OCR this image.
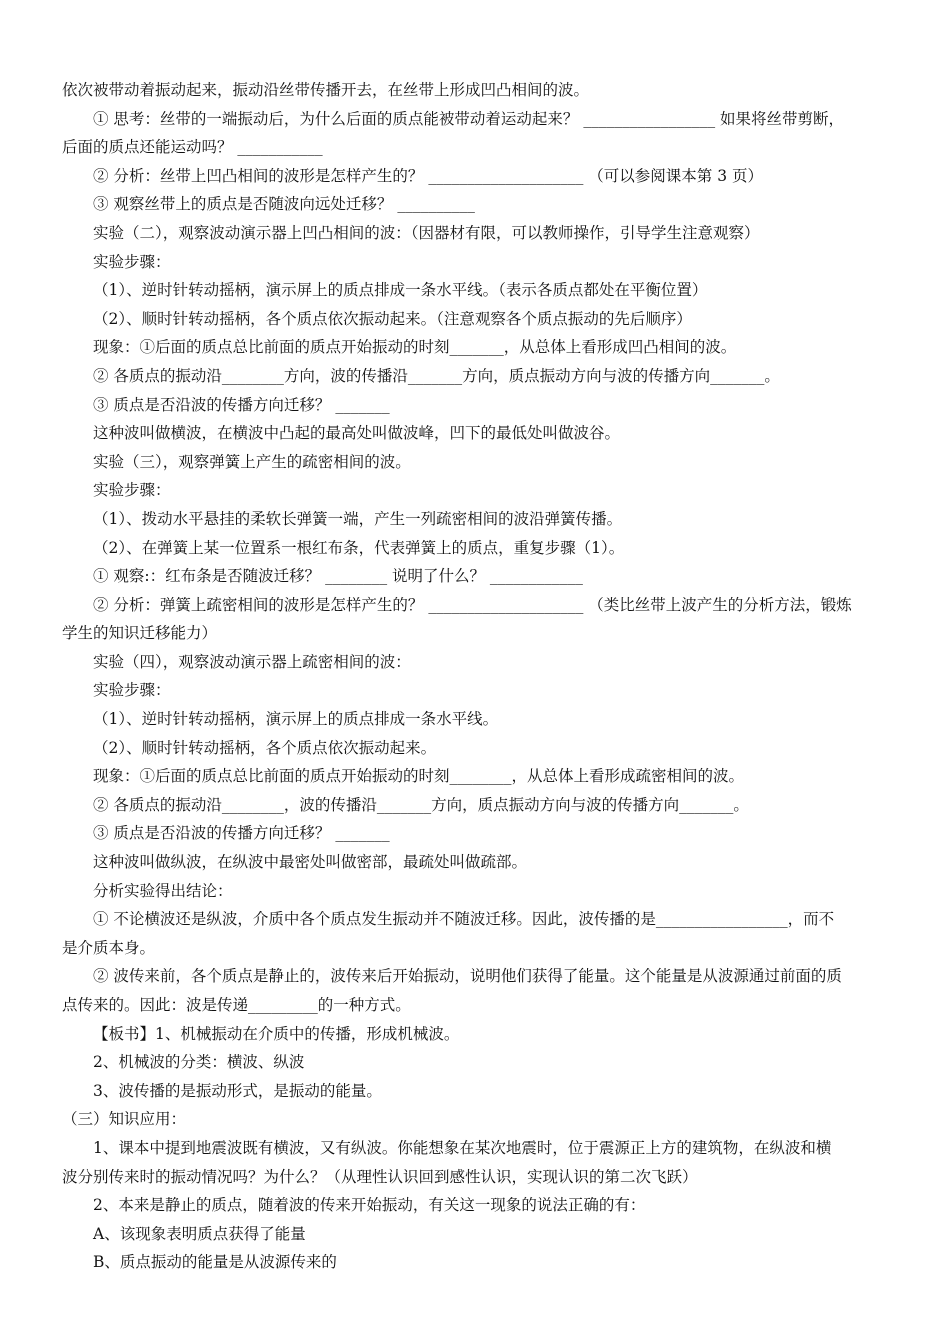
依次被带动着振动起来，振动沿丝带传播开去，在丝带上形成凹凸相间的波。
① 思考：丝带的一端振动后，为什么后面的质点能被带动着运动起来？ _________________ 如果将丝带剪断，
后面的质点还能运动吗？ ___________
② 分析：丝带上凹凸相间的波形是怎样产生的？ ____________________ （可以参阅课本第 3 页）
③ 观察丝带上的质点是否随波向远处迁移？ __________
实验（二），观察波动演示器上凹凸相间的波：（因器材有限，可以教师操作，引导学生注意观察）
实验步骤：
（1）、逆时针转动摇柄，演示屏上的质点排成一条水平线。（表示各质点都处在平衡位置）
（2）、顺时针转动摇柄，各个质点依次振动起来。（注意观察各个质点振动的先后顺序）
现象：①后面的质点总比前面的质点开始振动的时刻_______，从总体上看形成凹凸相间的波。
② 各质点的振动沿________方向，波的传播沿_______方向，质点振动方向与波的传播方向_______。
③ 质点是否沿波的传播方向迁移？ _______
这种波叫做横波，在横波中凸起的最高处叫做波峰，凹下的最低处叫做波谷。
实验（三），观察弹簧上产生的疏密相间的波。
实验步骤：
（1）、拨动水平悬挂的柔软长弹簧一端，产生一列疏密相间的波沿弹簧传播。
（2）、在弹簧上某一位置系一根红布条，代表弹簧上的质点，重复步骤（1）。
① 观察:：红布条是否随波迁移？ ________ 说明了什么？ ____________
② 分析：弹簧上疏密相间的波形是怎样产生的？ ____________________ （类比丝带上波产生的分析方法，锻炼
学生的知识迁移能力）
实验（四），观察波动演示器上疏密相间的波：
实验步骤：
（1）、逆时针转动摇柄，演示屏上的质点排成一条水平线。
（2）、顺时针转动摇柄，各个质点依次振动起来。
现象：①后面的质点总比前面的质点开始振动的时刻________，从总体上看形成疏密相间的波。
② 各质点的振动沿________，波的传播沿_______方向，质点振动方向与波的传播方向_______。
③ 质点是否沿波的传播方向迁移？ _______
这种波叫做纵波，在纵波中最密处叫做密部，最疏处叫做疏部。
分析实验得出结论：
① 不论横波还是纵波，介质中各个质点发生振动并不随波迁移。因此，波传播的是_________________，而不
是介质本身。
② 波传来前，各个质点是静止的，波传来后开始振动，说明他们获得了能量。这个能量是从波源通过前面的质
点传来的。因此：波是传递_________的一种方式。
【板书】1、机械振动在介质中的传播，形成机械波。
2、机械波的分类：横波、纵波
3、波传播的是振动形式，是振动的能量。
（三）知识应用：
1、课本中提到地震波既有横波，又有纵波。你能想象在某次地震时，位于震源正上方的建筑物，在纵波和横
波分别传来时的振动情况吗？为什么？（从理性认识回到感性认识，实现认识的第二次飞跃）
2、本来是静止的质点，随着波的传来开始振动，有关这一现象的说法正确的有：
A、该现象表明质点获得了能量
B、质点振动的能量是从波源传来的
